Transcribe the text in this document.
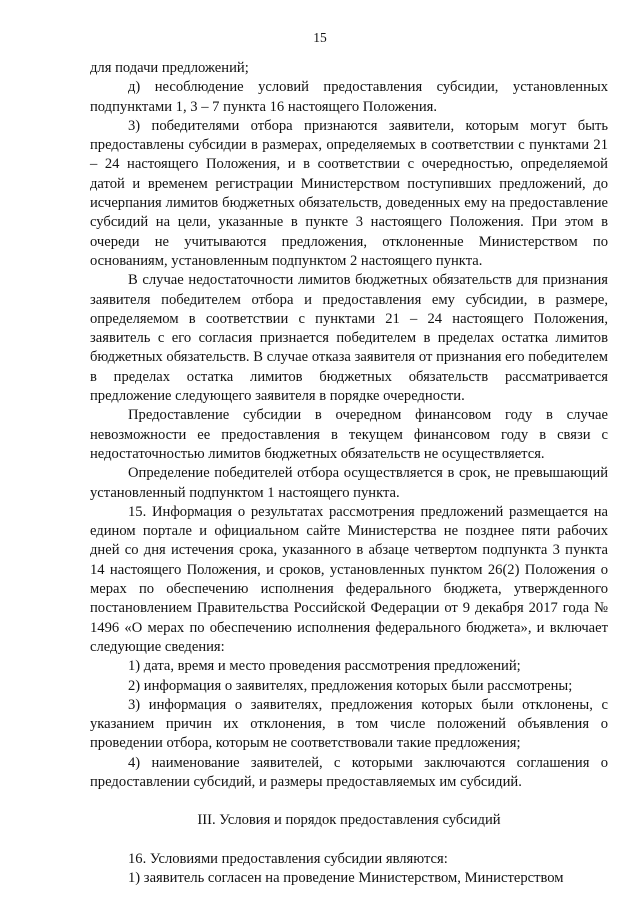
15

для подачи предложений;

д) несоблюдение условий предоставления субсидии, установленных подпунктами 1, 3 – 7 пункта 16 настоящего Положения.

3) победителями отбора признаются заявители, которым могут быть предоставлены субсидии в размерах, определяемых в соответствии с пунктами 21 – 24 настоящего Положения, и в соответствии с очередностью, определяемой датой и временем регистрации Министерством поступивших предложений, до исчерпания лимитов бюджетных обязательств, доведенных ему на предоставление субсидий на цели, указанные в пункте 3 настоящего Положения. При этом в очереди не учитываются предложения, отклоненные Министерством по основаниям, установленным подпунктом 2 настоящего пункта.

В случае недостаточности лимитов бюджетных обязательств для признания заявителя победителем отбора и предоставления ему субсидии, в размере, определяемом в соответствии с пунктами 21 – 24 настоящего Положения, заявитель с его согласия признается победителем в пределах остатка лимитов бюджетных обязательств. В случае отказа заявителя от признания его победителем в пределах остатка лимитов бюджетных обязательств рассматривается предложение следующего заявителя в порядке очередности.

Предоставление субсидии в очередном финансовом году в случае невозможности ее предоставления в текущем финансовом году в связи с недостаточностью лимитов бюджетных обязательств не осуществляется.

Определение победителей отбора осуществляется в срок, не превышающий установленный подпунктом 1 настоящего пункта.

15. Информация о результатах рассмотрения предложений размещается на едином портале и официальном сайте Министерства не позднее пяти рабочих дней со дня истечения срока, указанного в абзаце четвертом подпункта 3 пункта 14 настоящего Положения, и сроков, установленных пунктом 26(2) Положения о мерах по обеспечению исполнения федерального бюджета, утвержденного постановлением Правительства Российской Федерации от 9 декабря 2017 года № 1496 «О мерах по обеспечению исполнения федерального бюджета», и включает следующие сведения:

1) дата, время и место проведения рассмотрения предложений;

2) информация о заявителях, предложения которых были рассмотрены;

3) информация о заявителях, предложения которых были отклонены, с указанием причин их отклонения, в том числе положений объявления о проведении отбора, которым не соответствовали такие предложения;

4) наименование заявителей, с которыми заключаются соглашения о предоставлении субсидий, и размеры предоставляемых им субсидий.

III. Условия и порядок предоставления субсидий

16. Условиями предоставления субсидии являются:

1) заявитель согласен на проведение Министерством, Министерством
